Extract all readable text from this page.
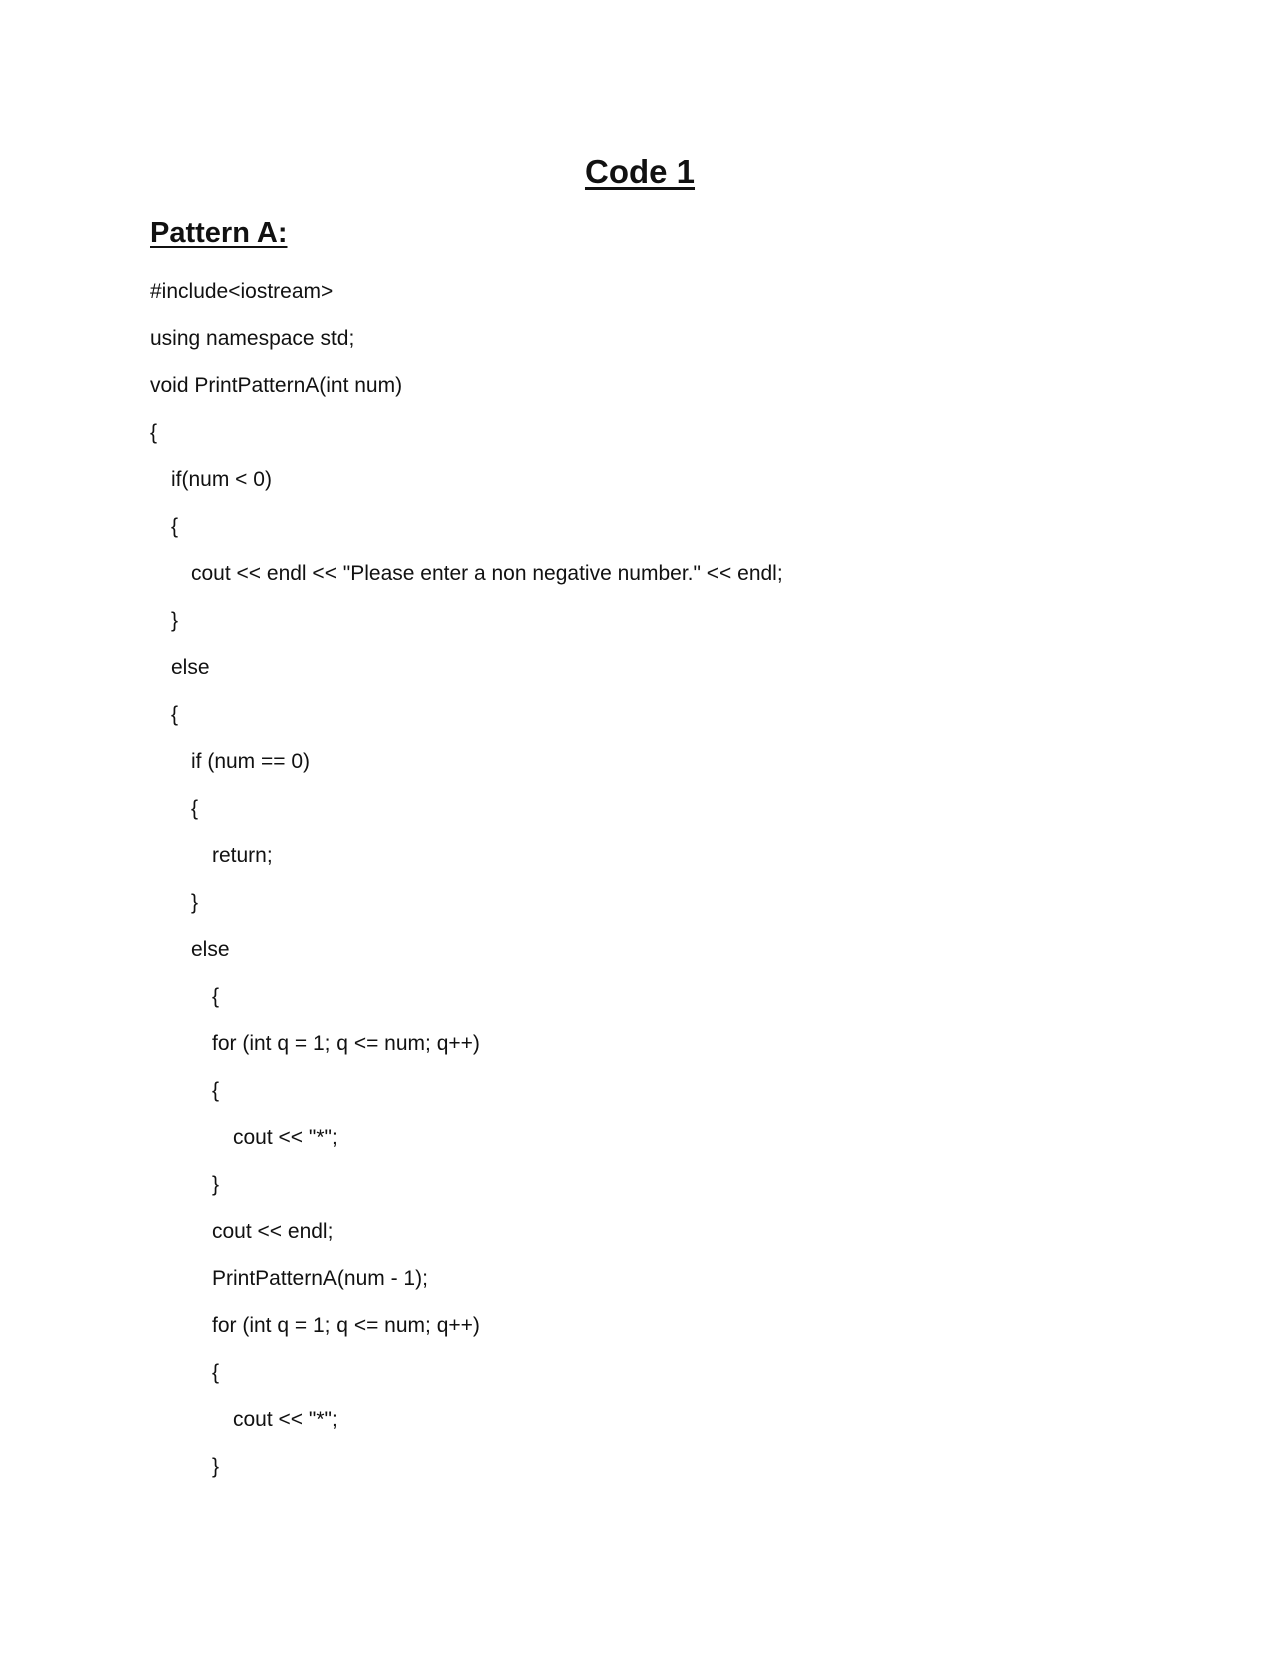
Code 1
Pattern A:
#include<iostream>
using namespace std;
void PrintPatternA(int num)
{
if(num < 0)
{
cout << endl << "Please enter a non negative number." << endl;
}
else
{
if (num == 0)
{
return;
}
else
{
for (int q = 1; q <= num; q++)
{
cout << "*";
}
cout << endl;
PrintPatternA(num - 1);
for (int q = 1; q <= num; q++)
{
cout << "*";
}
